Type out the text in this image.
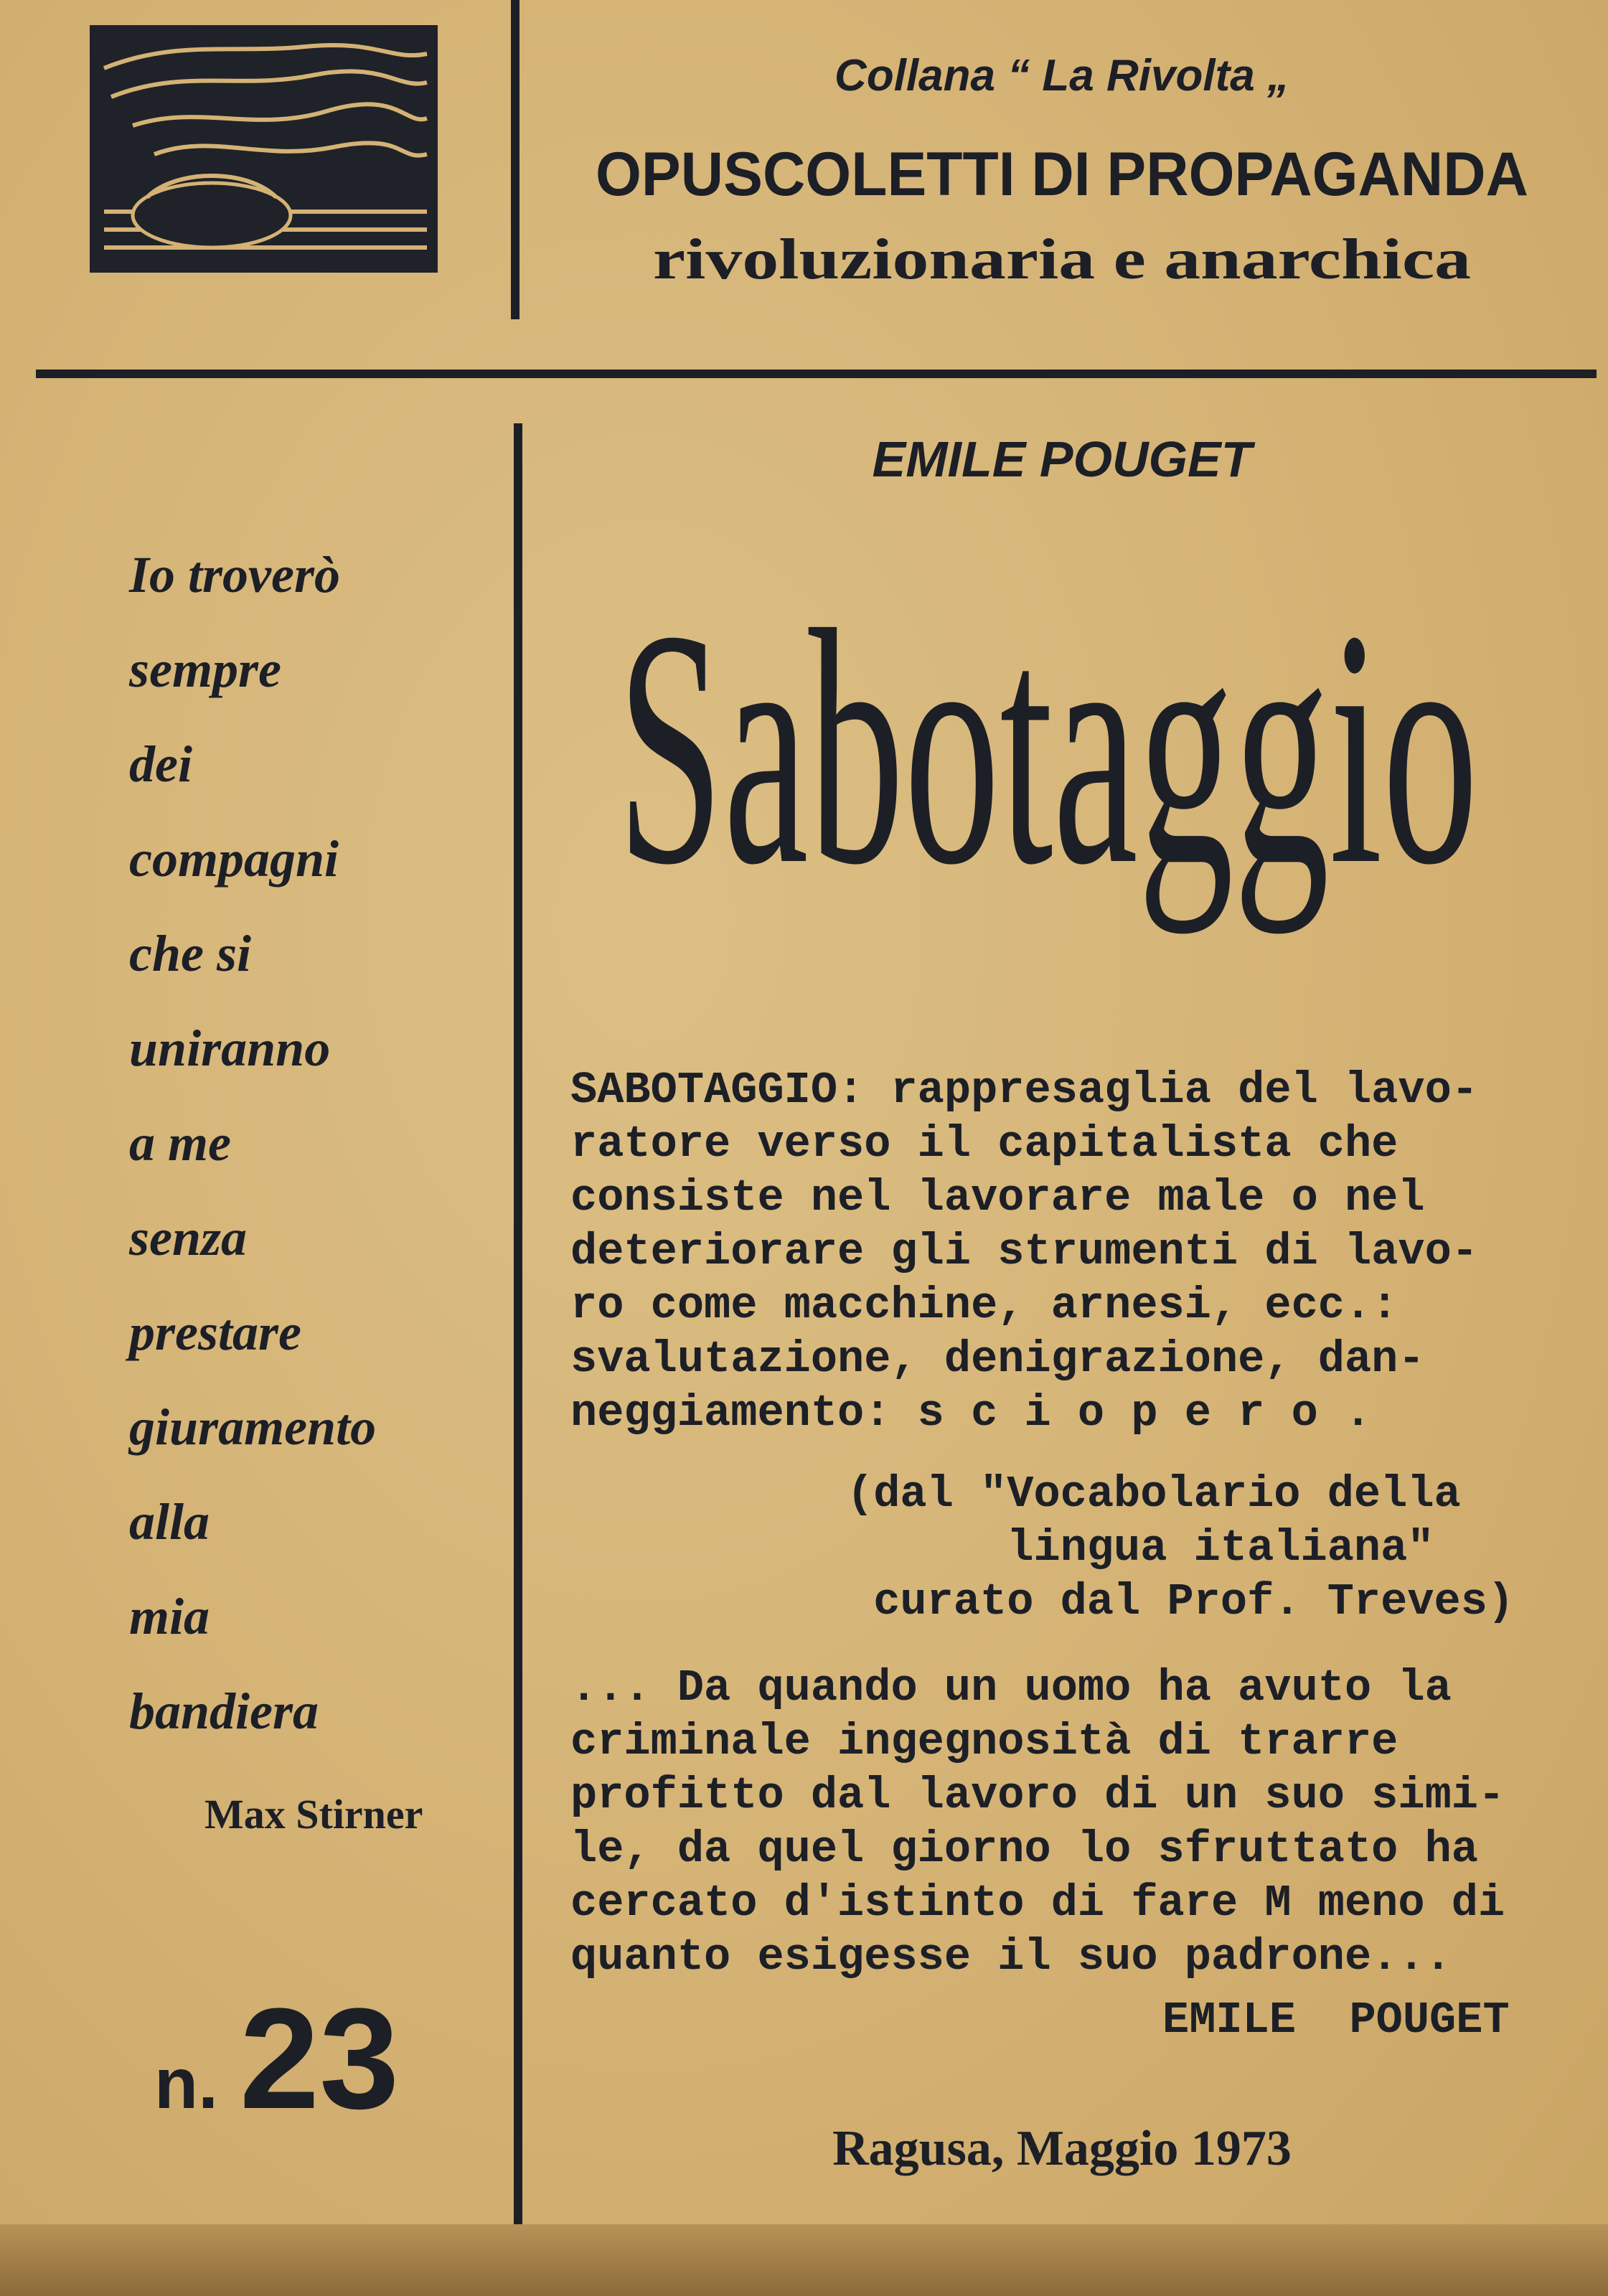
Collana “ La Rivolta „
OPUSCOLETTI DI PROPAGANDA
rivoluzionaria e anarchica
EMILE POUGET
Sabotaggio
SABOTAGGIO: rappresaglia del lavo-
ratore verso il capitalista che
consiste nel lavorare male o nel
deteriorare gli strumenti di lavo-
ro come macchine, arnesi, ecc.:
svalutazione, denigrazione, dan-
neggiamento: s c i o p e r o .
(dal "Vocabolario della
lingua italiana"
curato dal Prof. Treves)
... Da quando un uomo ha avuto la
criminale ingegnosità di trarre
profitto dal lavoro di un suo simi-
le, da quel giorno lo sfruttato ha
cercato d'istinto di fare M meno di
quanto esigesse il suo padrone...
EMILE  POUGET
Io troverò
sempre
dei
compagni
che si
uniranno
a me
senza
prestare
giuramento
alla
mia
bandiera
Max Stirner
n. 23
Ragusa, Maggio 1973
